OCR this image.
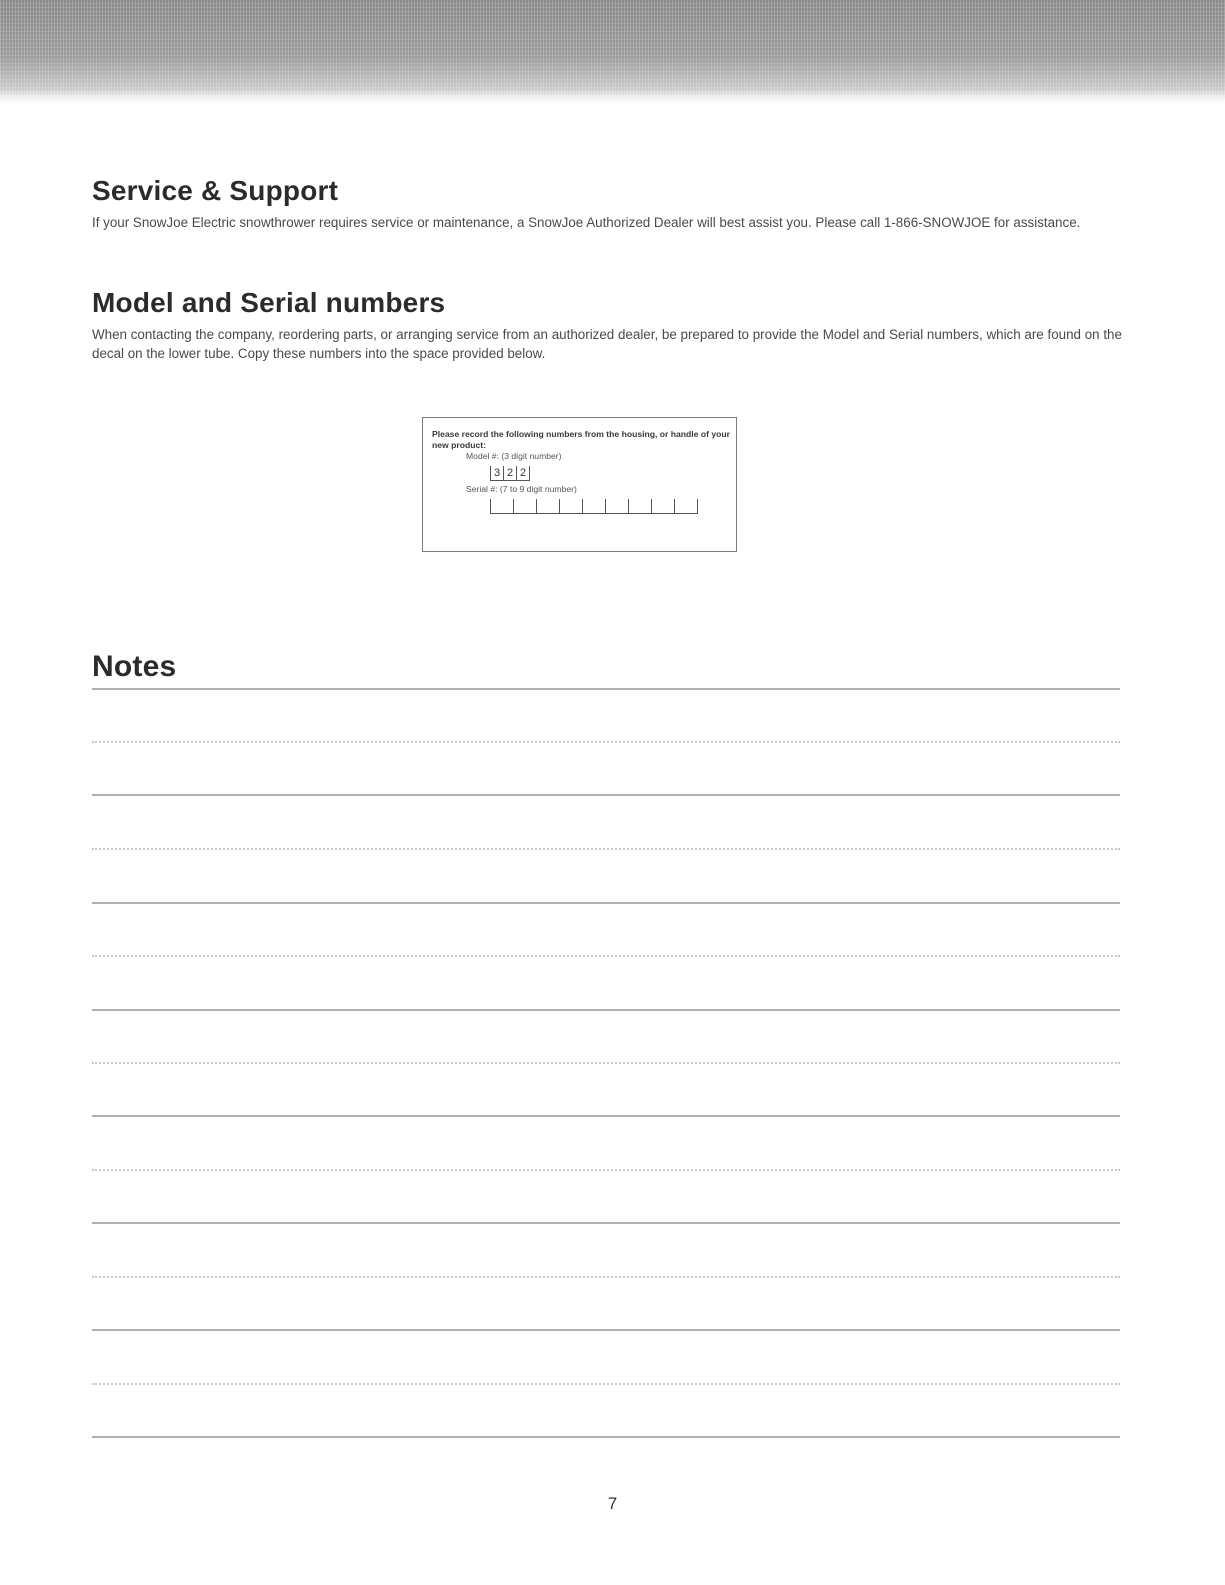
Service & Support

If your SnowJoe Electric snowthrower requires service or maintenance, a SnowJoe Authorized Dealer will best assist you. Please call 1-866-SNOWJOE for assistance.

Model and Serial numbers

When contacting the company, reordering parts, or arranging service from an authorized dealer, be prepared to provide the Model and Serial numbers, which are found on the decal on the lower tube. Copy these numbers into the space provided below.

Please record the following numbers from the housing, or handle of your new product:
Model #: (3 digit number)
3 2 2
Serial #: (7 to 9 digit number)
Notes
7
